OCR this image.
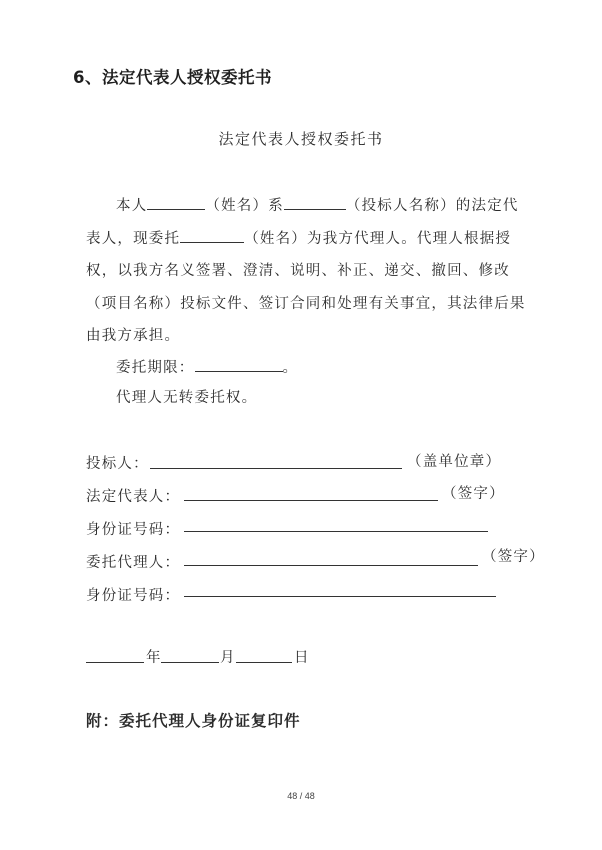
6、法定代表人授权委托书
法定代表人授权委托书
本人	（姓名）系	（投标人名称）的法定代
表人，现委托	（姓名）为我方代理人。代理人根据授
权，以我方名义签署、澄清、说明、补正、递交、撤回、修改
（项目名称）投标文件、签订合同和处理有关事宜，其法律后果
由我方承担。
委托期限：	。
代理人无转委托权。
投标人：	（盖单位章）
法定代表人：	（签字）
身份证号码：
委托代理人：	（签字）
身份证号码：
年	月	日
附：委托代理人身份证复印件
48 / 48
